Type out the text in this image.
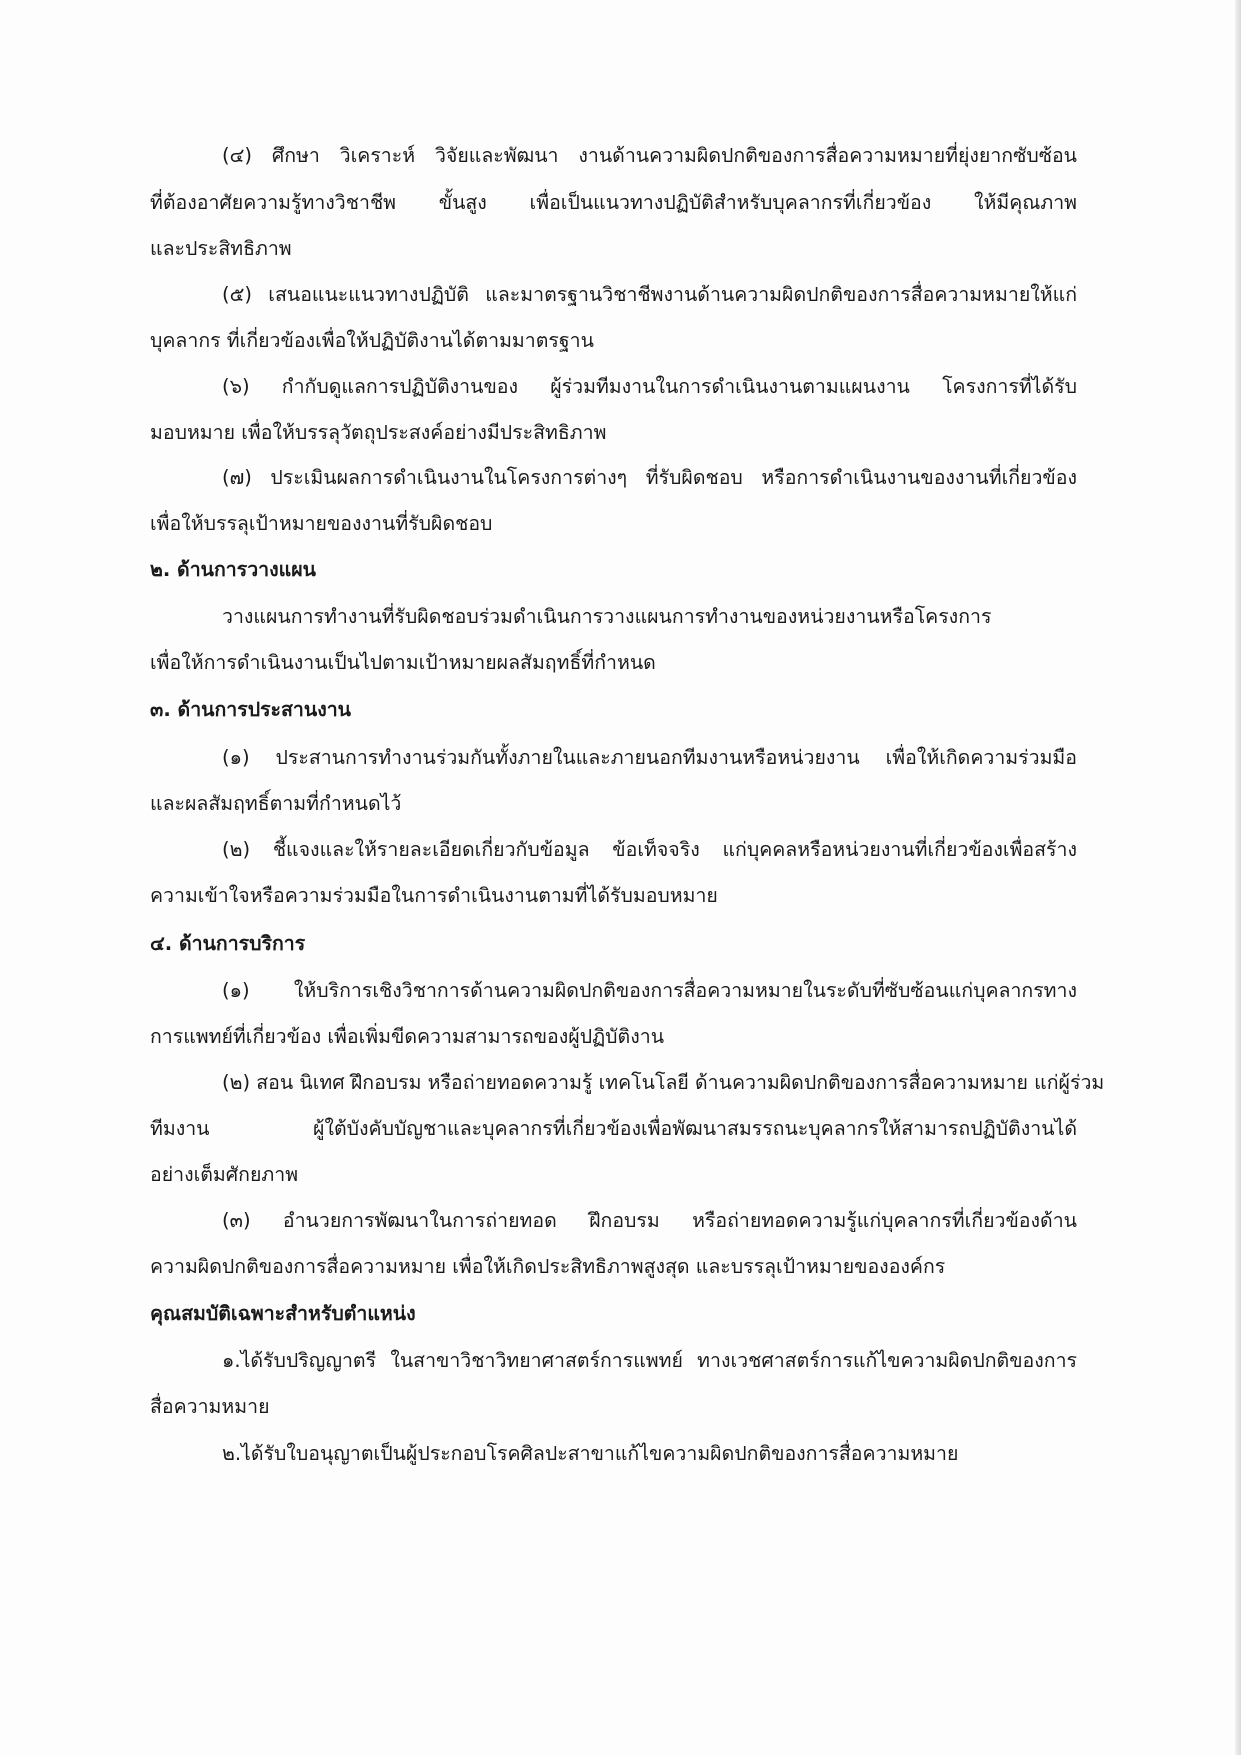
(๔) ศึกษา วิเคราะห์ วิจัยและพัฒนา งานด้านความผิดปกติของการสื่อความหมายที่ยุ่งยากซับซ้อน
ที่ต้องอาศัยความรู้ทางวิชาชีพ ขั้นสูง เพื่อเป็นแนวทางปฏิบัติสำหรับบุคลากรที่เกี่ยวข้อง ให้มีคุณภาพ
และประสิทธิภาพ
(๕) เสนอแนะแนวทางปฏิบัติ และมาตรฐานวิชาชีพงานด้านความผิดปกติของการสื่อความหมายให้แก่
บุคลากร ที่เกี่ยวข้องเพื่อให้ปฏิบัติงานได้ตามมาตรฐาน
(๖) กำกับดูแลการปฏิบัติงานของ ผู้ร่วมทีมงานในการดำเนินงานตามแผนงาน โครงการที่ได้รับ
มอบหมาย เพื่อให้บรรลุวัตถุประสงค์อย่างมีประสิทธิภาพ
(๗) ประเมินผลการดำเนินงานในโครงการต่างๆ ที่รับผิดชอบ หรือการดำเนินงานของงานที่เกี่ยวข้อง
เพื่อให้บรรลุเป้าหมายของงานที่รับผิดชอบ
๒. ด้านการวางแผน
วางแผนการทำงานที่รับผิดชอบร่วมดำเนินการวางแผนการทำงานของหน่วยงานหรือโครงการ
เพื่อให้การดำเนินงานเป็นไปตามเป้าหมายผลสัมฤทธิ์ที่กำหนด
๓. ด้านการประสานงาน
(๑) ประสานการทำงานร่วมกันทั้งภายในและภายนอกทีมงานหรือหน่วยงาน เพื่อให้เกิดความร่วมมือ
และผลสัมฤทธิ์ตามที่กำหนดไว้
(๒) ชี้แจงและให้รายละเอียดเกี่ยวกับข้อมูล ข้อเท็จจริง แก่บุคคลหรือหน่วยงานที่เกี่ยวข้องเพื่อสร้าง
ความเข้าใจหรือความร่วมมือในการดำเนินงานตามที่ได้รับมอบหมาย
๔. ด้านการบริการ
(๑) ให้บริการเชิงวิชาการด้านความผิดปกติของการสื่อความหมายในระดับที่ซับซ้อนแก่บุคลากรทาง
การแพทย์ที่เกี่ยวข้อง เพื่อเพิ่มขีดความสามารถของผู้ปฏิบัติงาน
(๒) สอน นิเทศ ฝึกอบรม หรือถ่ายทอดความรู้ เทคโนโลยี ด้านความผิดปกติของการสื่อความหมาย แก่ผู้ร่วม
ทีมงาน ผู้ใต้บังคับบัญชาและบุคลากรที่เกี่ยวข้องเพื่อพัฒนาสมรรถนะบุคลากรให้สามารถปฏิบัติงานได้
อย่างเต็มศักยภาพ
(๓) อำนวยการพัฒนาในการถ่ายทอด ฝึกอบรม หรือถ่ายทอดความรู้แก่บุคลากรที่เกี่ยวข้องด้าน
ความผิดปกติของการสื่อความหมาย เพื่อให้เกิดประสิทธิภาพสูงสุด และบรรลุเป้าหมายขององค์กร
คุณสมบัติเฉพาะสำหรับตำแหน่ง
๑.ได้รับปริญญาตรี ในสาขาวิชาวิทยาศาสตร์การแพทย์ ทางเวชศาสตร์การแก้ไขความผิดปกติของการ
สื่อความหมาย
๒.ได้รับใบอนุญาตเป็นผู้ประกอบโรคศิลปะสาขาแก้ไขความผิดปกติของการสื่อความหมาย
